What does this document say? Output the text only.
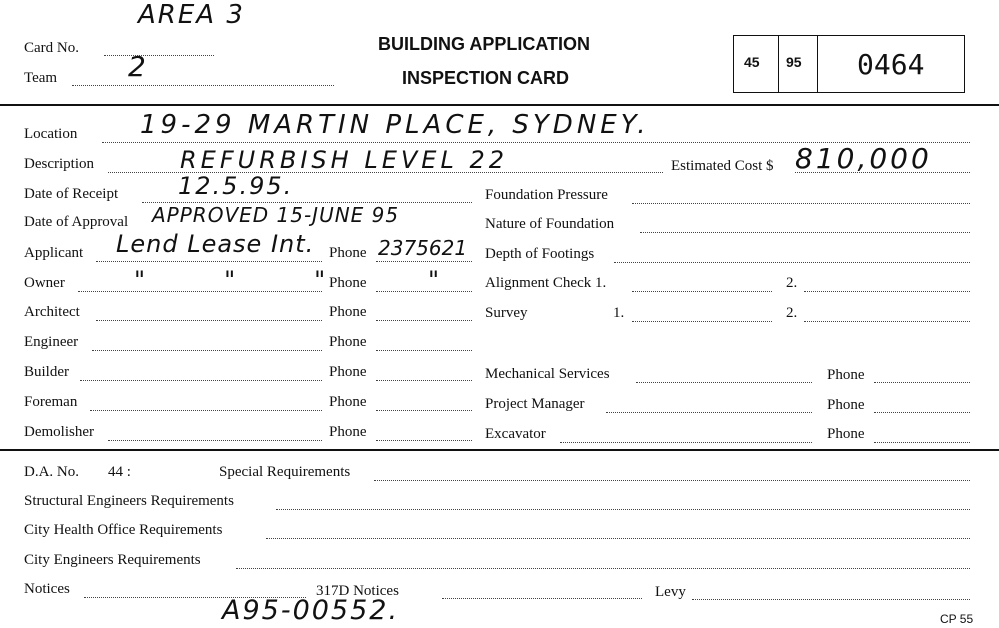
AREA 3
Card No.
Team	2
BUILDING APPLICATION
INSPECTION CARD
45 95 0464
Location 19-29 MARTIN PLACE, SYDNEY.
Description	REFURBISH LEVEL 22	Estimated Cost $ 810,000
Date of Receipt 12.5.95.
Date of Approval APPROVED 15-JUNE 95
Applicant Lend Lease Int. Phone 2375621
Owner	"        "        " Phone	"
Architect	Phone
Engineer	Phone
Builder	Phone
Foreman	Phone
Demolisher	Phone
Foundation Pressure
Nature of Foundation
Depth of Footings
Alignment Check 1.	2.
Survey	1.	2.
Mechanical Services	Phone
Project Manager	Phone
Excavator	Phone
D.A. No. 44 :	Special Requirements
Structural Engineers Requirements
City Health Office Requirements
City Engineers Requirements
Notices	317D Notices	Levy
A95-00552.	CP 55
